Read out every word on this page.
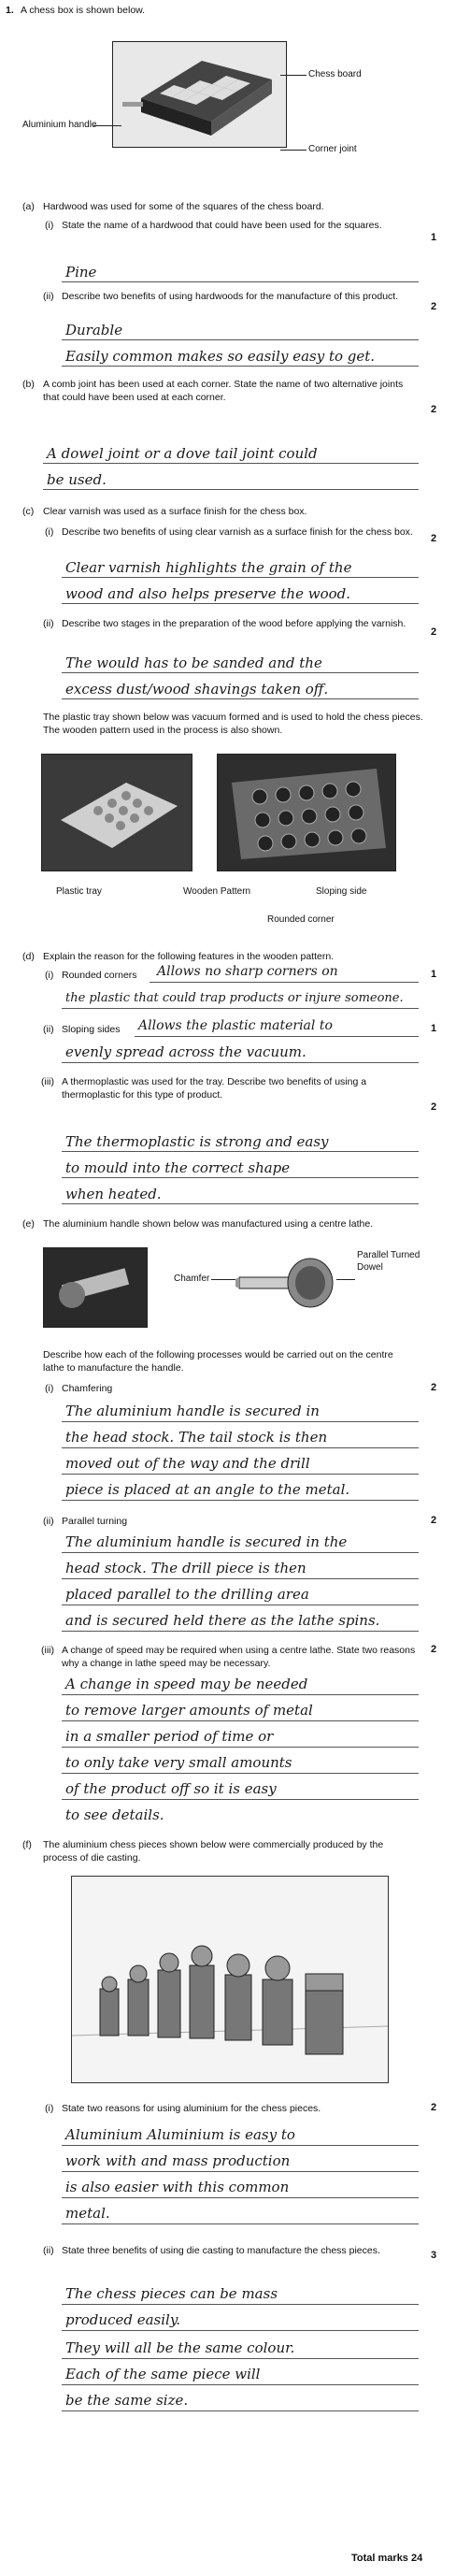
1. A chess box is shown below.
Chess board
Aluminium handle
Corner joint
(a) Hardwood was used for some of the squares of the chess board.
(i) State the name of a hardwood that could have been used for the squares.
1
Pine
(ii) Describe two benefits of using hardwoods for the manufacture of this product.
2
Durable
Easily common makes so easily easy to get.
(b) A comb joint has been used at each corner. State the name of two alternative joints that could have been used at each corner.
2
A dowel joint or a dove tail joint could
be used.
(c) Clear varnish was used as a surface finish for the chess box.
(i) Describe two benefits of using clear varnish as a surface finish for the chess box.
2
Clear varnish highlights the grain of the
wood and also helps preserve the wood.
(ii) Describe two stages in the preparation of the wood before applying the varnish.
2
The would has to be sanded and the
excess dust/wood shavings taken off.
The plastic tray shown below was vacuum formed and is used to hold the chess pieces. The wooden pattern used in the process is also shown.
Plastic tray	Wooden Pattern	Sloping side
Rounded corner
(d) Explain the reason for the following features in the wooden pattern.
(i) Rounded corners	1
Allows no sharp corners on
the plastic that could trap products or injure someone.
(ii) Sloping sides	1
Allows the plastic material to
evenly spread across the vacuum.
(iii) A thermoplastic was used for the tray. Describe two benefits of using a thermoplastic for this type of product.
2
The thermoplastic is strong and easy
to mould into the correct shape
when heated.
(e) The aluminium handle shown below was manufactured using a centre lathe.
Chamfer
Parallel Turned Dowel
Describe how each of the following processes would be carried out on the centre lathe to manufacture the handle.
(i) Chamfering	2
The aluminium handle is secured in
the head stock. The tail stock is then
moved out of the way and the drill
piece is placed at an angle to the metal.
(ii) Parallel turning	2
The aluminium handle is secured in the
head stock. The drill piece is then
placed parallel to the drilling area
and is secured held there as the lathe spins.
(iii) A change of speed may be required when using a centre lathe. State two reasons why a change in lathe speed may be necessary.
2
A change in speed may be needed
to remove larger amounts of metal
in a smaller period of time or
to only take very small amounts
of the product off so it is easy
to see details.
(f) The aluminium chess pieces shown below were commercially produced by the process of die casting.
(i) State two reasons for using aluminium for the chess pieces.	2
Aluminium Aluminium is easy to
work with and mass production
is also easier with this common
metal.
(ii) State three benefits of using die casting to manufacture the chess pieces.	3
The chess pieces can be mass
produced easily.
They will all be the same colour.
Each of the same piece will
be the same size.
Total marks 24
